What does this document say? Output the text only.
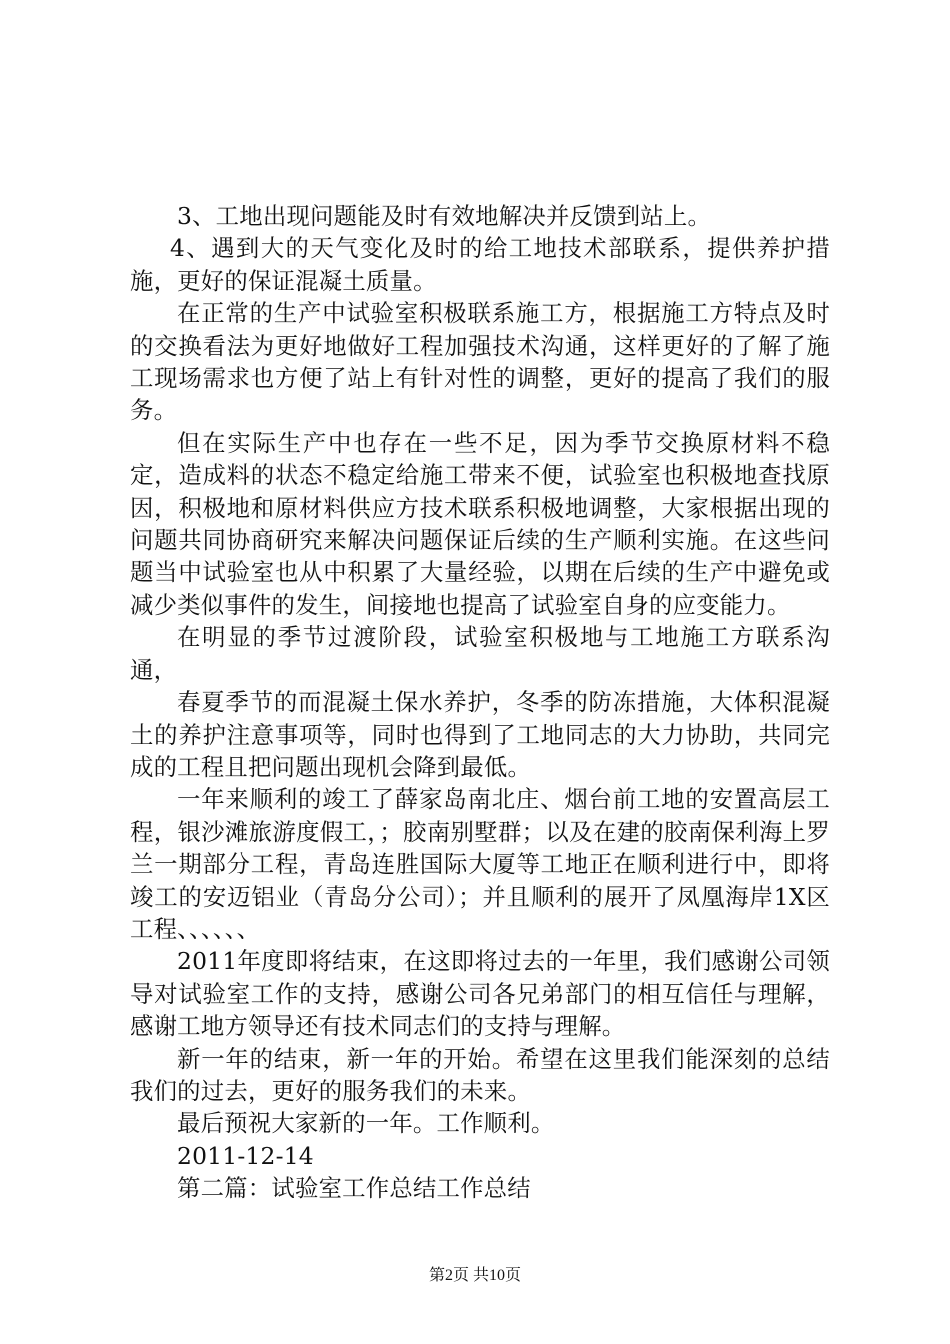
3、工地出现问题能及时有效地解决并反馈到站上。

4、遇到大的天气变化及时的给工地技术部联系，提供养护措施，更好的保证混凝土质量。

在正常的生产中试验室积极联系施工方，根据施工方特点及时的交换看法为更好地做好工程加强技术沟通，这样更好的了解了施工现场需求也方便了站上有针对性的调整，更好的提高了我们的服务。

但在实际生产中也存在一些不足，因为季节交换原材料不稳定，造成料的状态不稳定给施工带来不便，试验室也积极地查找原因，积极地和原材料供应方技术联系积极地调整，大家根据出现的问题共同协商研究来解决问题保证后续的生产顺利实施。在这些问题当中试验室也从中积累了大量经验，以期在后续的生产中避免或减少类似事件的发生，间接地也提高了试验室自身的应变能力。

在明显的季节过渡阶段，试验室积极地与工地施工方联系沟通，

春夏季节的而混凝土保水养护，冬季的防冻措施，大体积混凝土的养护注意事项等，同时也得到了工地同志的大力协助，共同完成的工程且把问题出现机会降到最低。

一年来顺利的竣工了薛家岛南北庄、烟台前工地的安置高层工程，银沙滩旅游度假工，；胶南别墅群；以及在建的胶南保利海上罗兰一期部分工程，青岛连胜国际大厦等工地正在顺利进行中，即将竣工的安迈铝业（青岛分公司）；并且顺利的展开了凤凰海岸1X区工程、、、、、、

2011年度即将结束，在这即将过去的一年里，我们感谢公司领导对试验室工作的支持，感谢公司各兄弟部门的相互信任与理解，感谢工地方领导还有技术同志们的支持与理解。

新一年的结束，新一年的开始。希望在这里我们能深刻的总结我们的过去，更好的服务我们的未来。

最后预祝大家新的一年。工作顺利。

2011-12-14

第二篇：试验室工作总结工作总结

第2页 共10页
